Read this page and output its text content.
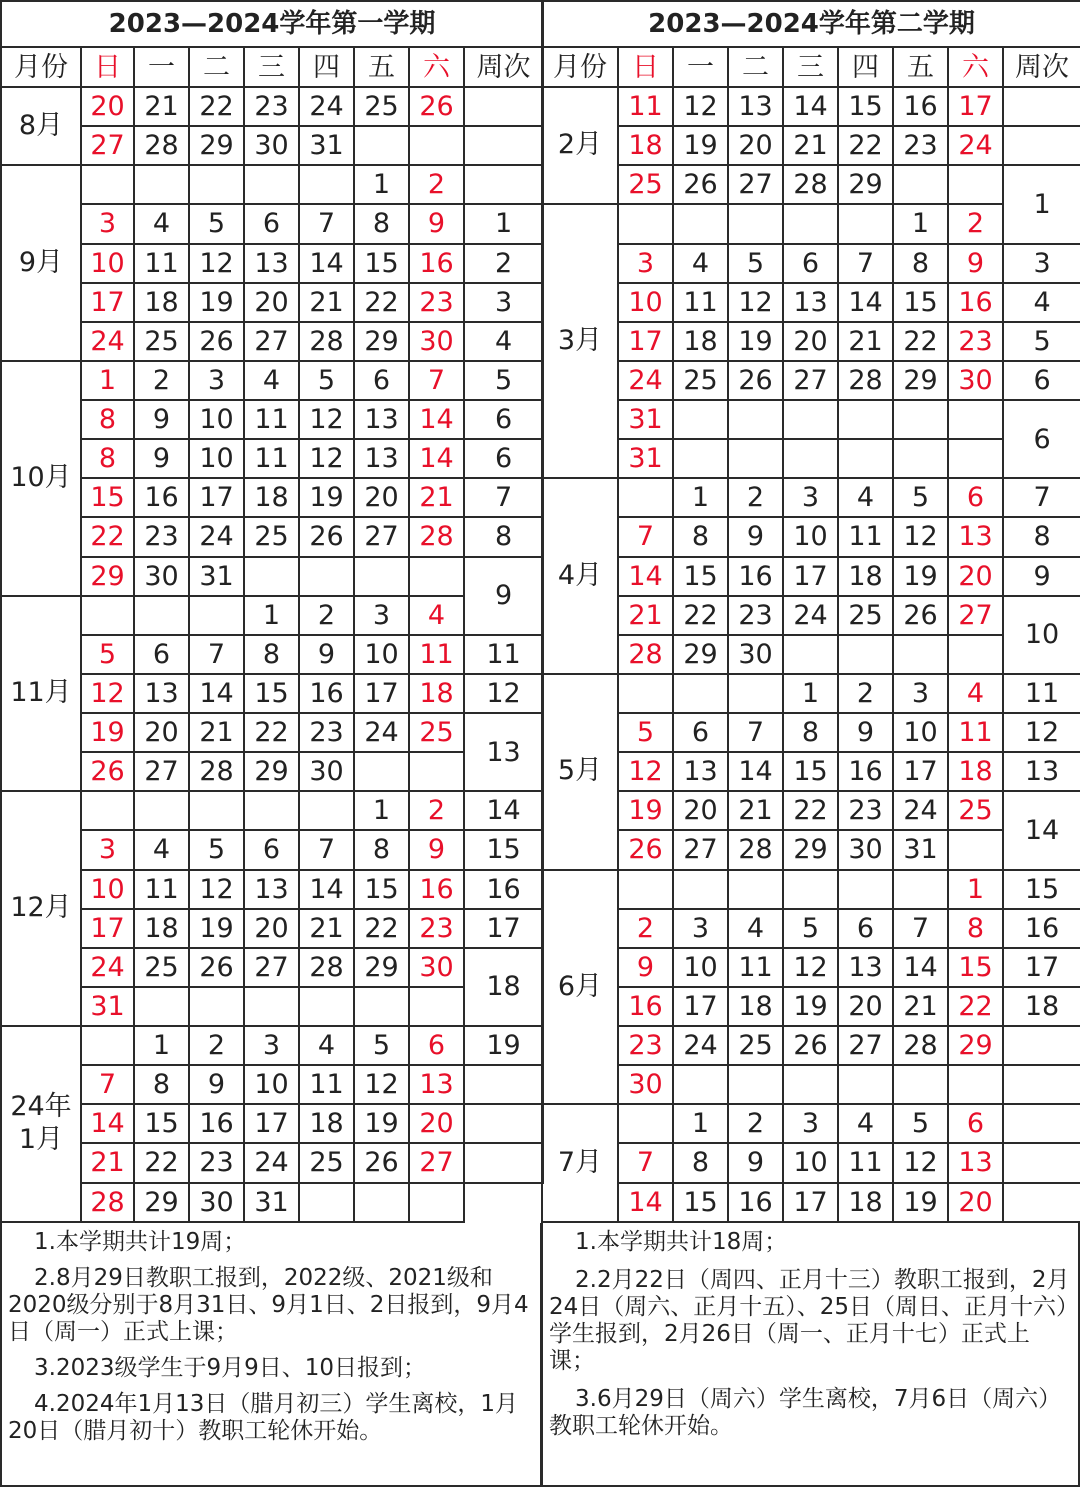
2023—2024学年第一学期									
月份	日	一	二	三	四	五	六	周次	
8月	20	21	22	23	24	25	26		
	27	28	29	30	31				
9月						1	2		
	3	4	5	6	7	8	9	1	
	10	11	12	13	14	15	16	2	
	17	18	19	20	21	22	23	3	
	24	25	26	27	28	29	30	4	
10月	1	2	3	4	5	6	7	5	
	8	9	10	11	12	13	14	6	
	8	9	10	11	12	13	14	6	
	15	16	17	18	19	20	21	7	
	22	23	24	25	26	27	28	8	
	29	30	31					9	
11月				1	2	3	4	
	5	6	7	8	9	10	11	11	
	12	13	14	15	16	17	18	12	
	19	20	21	22	23	24	25	13	
	26	27	28	29	30				
12月						1	2	14	
	3	4	5	6	7	8	9	15	
	10	11	12	13	14	15	16	16	
	17	18	19	20	21	22	23	17	
	24	25	26	27	28	29	30	18	
	31								
24年1月		1	2	3	4	5	6	19	
	7	8	9	10	11	12	13		
	14	15	16	17	18	19	20		
	21	22	23	24	25	26	27		
	28	29	30	31					
2023—2024学年第二学期									
月份	日	一	二	三	四	五	六	周次	
2月	11	12	13	14	15	16	17		
	18	19	20	21	22	23	24		
	25	26	27	28	29			1	
3月						1	2	
	3	4	5	6	7	8	9	3	
	10	11	12	13	14	15	16	4	
	17	18	19	20	21	22	23	5	
	24	25	26	27	28	29	30	6	
	31							6	
	31								
4月		1	2	3	4	5	6	7	
	7	8	9	10	11	12	13	8	
	14	15	16	17	18	19	20	9	
	21	22	23	24	25	26	27	10	
	28	29	30						
5月				1	2	3	4	11	
	5	6	7	8	9	10	11	12	
	12	13	14	15	16	17	18	13	
	19	20	21	22	23	24	25	14	
	26	27	28	29	30	31			
6月							1	15	
	2	3	4	5	6	7	8	16	
	9	10	11	12	13	14	15	17	
	16	17	18	19	20	21	22	18	
	23	24	25	26	27	28	29		
	30								
7月		1	2	3	4	5	6		
	7	8	9	10	11	12	13		
	14	15	16	17	18	19	20		

1.本学期共计19周；

2.8月29日教职工报到，2022级、2021级和2020级分别于8月31日、9月1日、2日报到，9月4日（周一）正式上课；

3.2023级学生于9月9日、10日报到；

4.2024年1月13日（腊月初三）学生离校，1月20日（腊月初十）教职工轮休开始。

1.本学期共计18周；

2.2月22日（周四、正月十三）教职工报到，2月24日（周六、正月十五）、25日（周日、正月十六）学生报到，2月26日（周一、正月十七）正式上课；

3.6月29日（周六）学生离校，7月6日（周六）教职工轮休开始。
